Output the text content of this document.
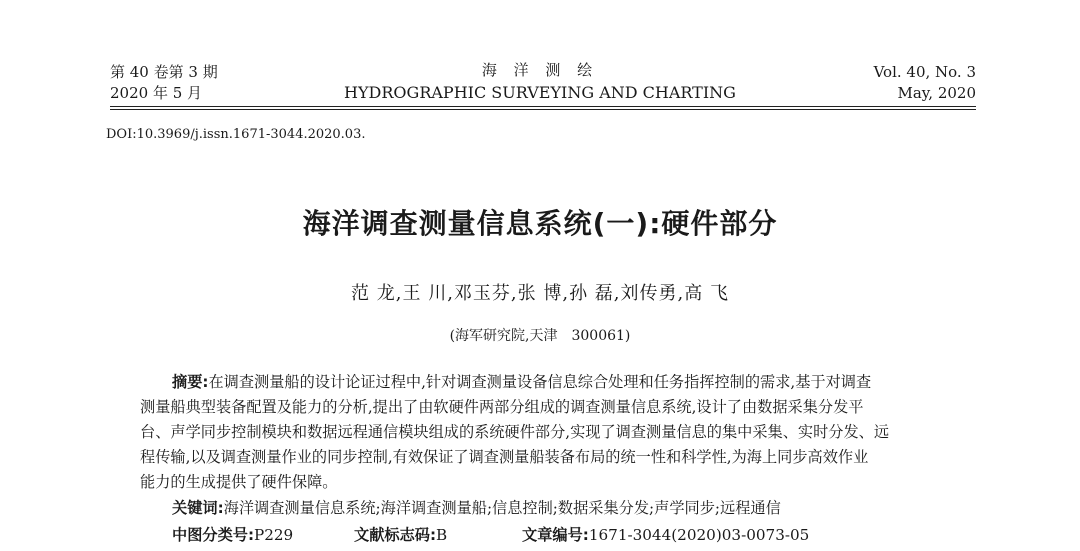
第 40 卷第 3 期
2020 年 5 月
海 洋 测 绘
HYDROGRAPHIC SURVEYING AND CHARTING
Vol. 40, No. 3
May, 2020
DOI:10.3969/j.issn.1671-3044.2020.03.
海洋调查测量信息系统(一):硬件部分
范 龙,王 川,邓玉芬,张 博,孙 磊,刘传勇,高 飞
(海军研究院,天津　300061)
摘要:在调查测量船的设计论证过程中,针对调查测量设备信息综合处理和任务指挥控制的需求,基于对调查
测量船典型装备配置及能力的分析,提出了由软硬件两部分组成的调查测量信息系统,设计了由数据采集分发平
台、声学同步控制模块和数据远程通信模块组成的系统硬件部分,实现了调查测量信息的集中采集、实时分发、远
程传输,以及调查测量作业的同步控制,有效保证了调查测量船装备布局的统一性和科学性,为海上同步高效作业
能力的生成提供了硬件保障。
关键词:海洋调查测量信息系统;海洋调查测量船;信息控制;数据采集分发;声学同步;远程通信
中图分类号:P229	文献标志码:B	文章编号:1671-3044(2020)03-0073-05
